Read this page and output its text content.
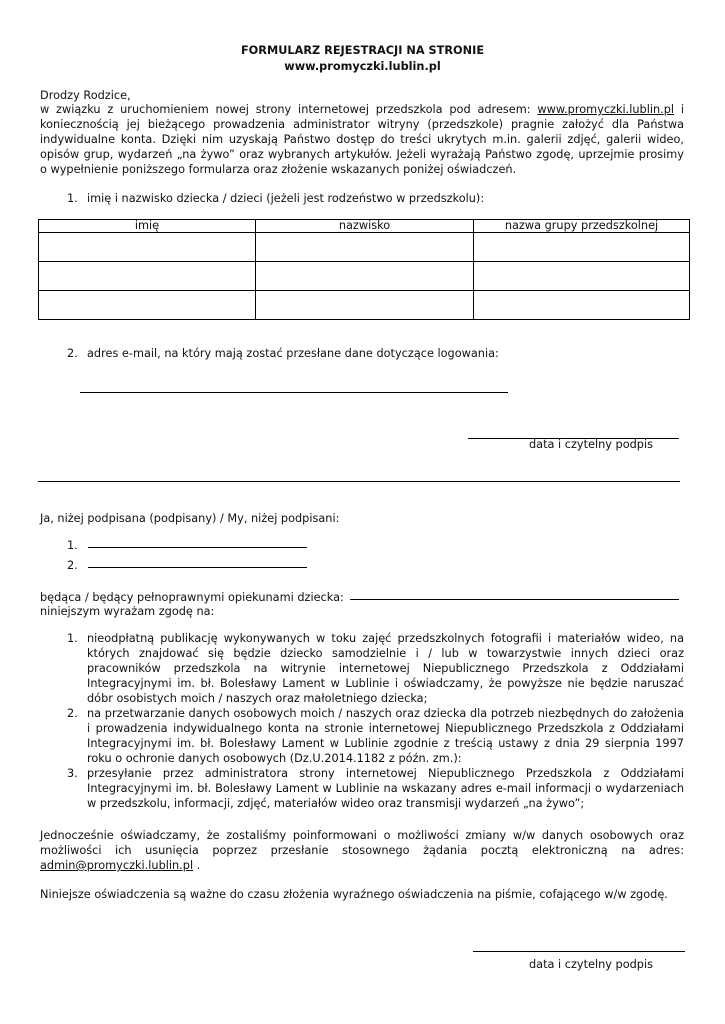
FORMULARZ REJESTRACJI NA STRONIE
www.promyczki.lublin.pl
Drodzy Rodzice,
w związku z uruchomieniem nowej strony internetowej przedszkola pod adresem: www.promyczki.lublin.pl i koniecznością jej bieżącego prowadzenia administrator witryny (przedszkole) pragnie założyć dla Państwa indywidualne konta. Dzięki nim uzyskają Państwo dostęp do treści ukrytych m.in. galerii zdjęć, galerii wideo, opisów grup, wydarzeń „na żywo” oraz wybranych artykułów. Jeżeli wyrażają Państwo zgodę, uprzejmie prosimy o wypełnienie poniższego formularza oraz złożenie wskazanych poniżej oświadczeń.
1. imię i nazwisko dziecka / dzieci (jeżeli jest rodzeństwo w przedszkolu):
imię	nazwisko	nazwa grupy przedszkolnej

2. adres e-mail, na który mają zostać przesłane dane dotyczące logowania:
data i czytelny podpis
Ja, niżej podpisana (podpisany) / My, niżej podpisani:
1.
2.
będąca / będący pełnoprawnymi opiekunami dziecka:
niniejszym wyrażam zgodę na:
1. nieodpłatną publikację wykonywanych w toku zajęć przedszkolnych fotografii i materiałów wideo, na których znajdować się będzie dziecko samodzielnie i / lub w towarzystwie innych dzieci oraz pracowników przedszkola na witrynie internetowej Niepublicznego Przedszkola z Oddziałami Integracyjnymi im. bł. Bolesławy Lament w Lublinie i oświadczamy, że powyższe nie będzie naruszać dóbr osobistych moich / naszych oraz małoletniego dziecka;
2. na przetwarzanie danych osobowych moich / naszych oraz dziecka dla potrzeb niezbędnych do założenia i prowadzenia indywidualnego konta na stronie internetowej Niepublicznego Przedszkola z Oddziałami Integracyjnymi im. bł. Bolesławy Lament w Lublinie zgodnie z treścią ustawy z dnia 29 sierpnia 1997 roku o ochronie danych osobowych (Dz.U.2014.1182 z późn. zm.):
3. przesyłanie przez administratora strony internetowej Niepublicznego Przedszkola z Oddziałami Integracyjnymi im. bł. Bolesławy Lament w Lublinie na wskazany adres e-mail informacji o wydarzeniach w przedszkolu, informacji, zdjęć, materiałów wideo oraz transmisji wydarzeń „na żywo”;
Jednocześnie oświadczamy, że zostaliśmy poinformowani o możliwości zmiany w/w danych osobowych oraz możliwości ich usunięcia poprzez przesłanie stosownego żądania pocztą elektroniczną na adres: admin@promyczki.lublin.pl .
Niniejsze oświadczenia są ważne do czasu złożenia wyraźnego oświadczenia na piśmie, cofającego w/w zgodę.
data i czytelny podpis
